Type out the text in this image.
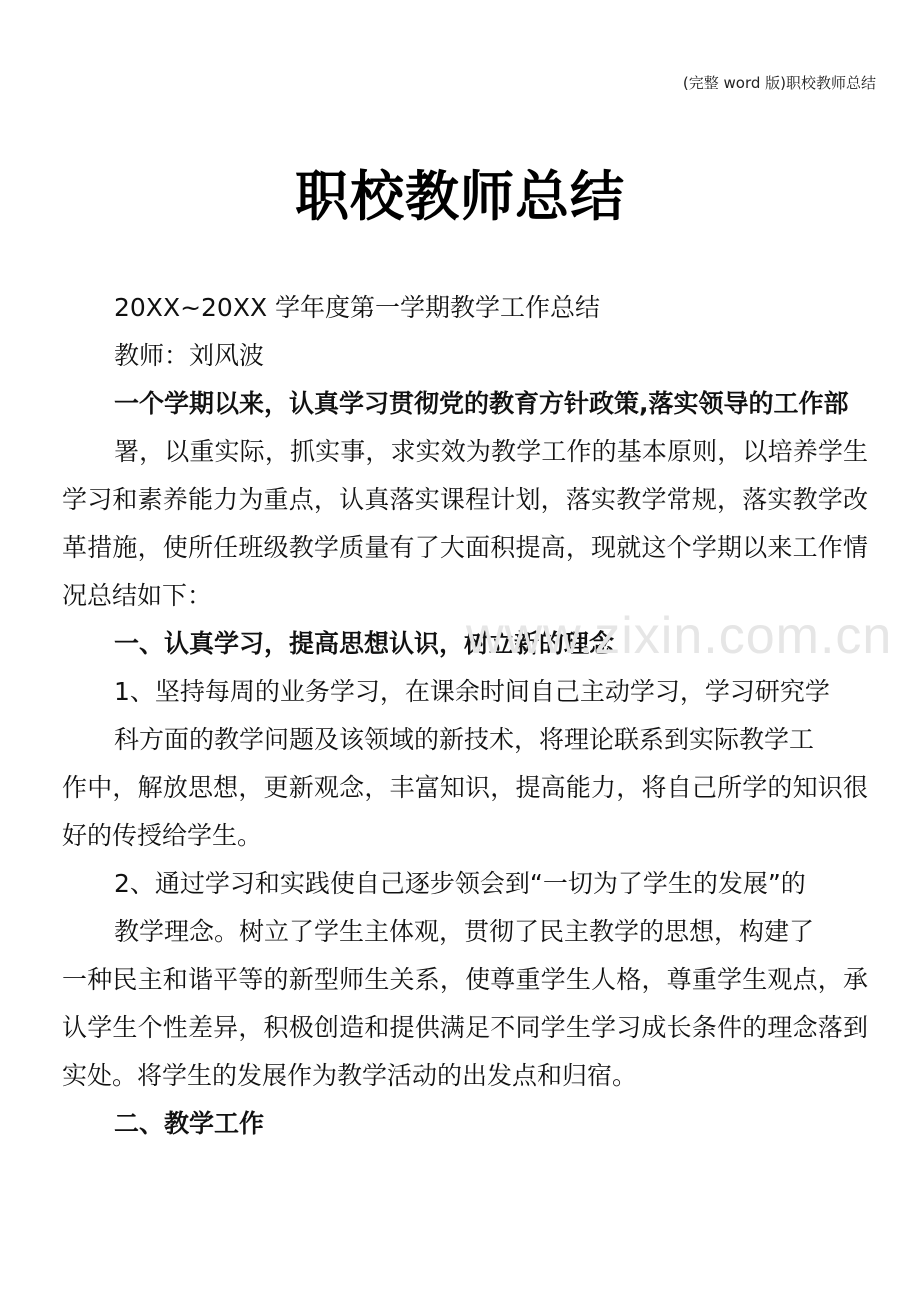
(完整 word 版)职校教师总结
职校教师总结

20XX~20XX 学年度第一学期教学工作总结

教师：刘风波

一个学期以来，认真学习贯彻党的教育方针政策,落实领导的工作部

署，以重实际，抓实事，求实效为教学工作的基本原则，以培养学生学习和素养能力为重点，认真落实课程计划，落实教学常规，落实教学改革措施，使所任班级教学质量有了大面积提高，现就这个学期以来工作情况总结如下：

一、认真学习，提高思想认识，树立新的理念

1、坚持每周的业务学习，在课余时间自己主动学习，学习研究学

科方面的教学问题及该领域的新技术，将理论联系到实际教学工

作中，解放思想，更新观念，丰富知识，提高能力，将自己所学的知识很好的传授给学生。

2、通过学习和实践使自己逐步领会到“一切为了学生的发展”的

教学理念。树立了学生主体观，贯彻了民主教学的思想，构建了

一种民主和谐平等的新型师生关系，使尊重学生人格，尊重学生观点，承认学生个性差异，积极创造和提供满足不同学生学习成长条件的理念落到实处。将学生的发展作为教学活动的出发点和归宿。

二、教学工作

www.zixin.com.cn
